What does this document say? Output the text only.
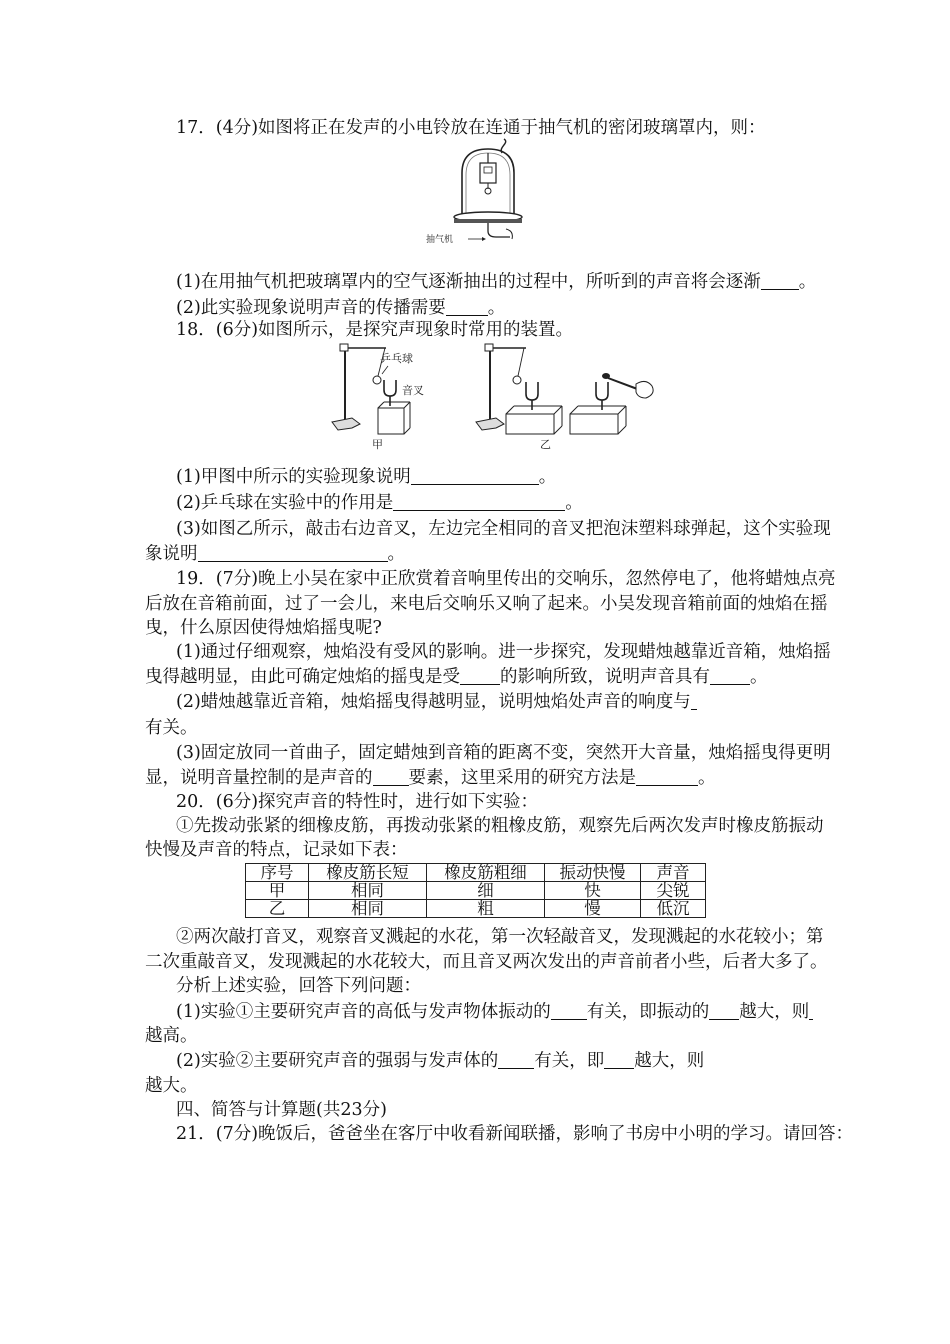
17．(4分)如图将正在发声的小电铃放在连通于抽气机的密闭玻璃罩内，则：
抽气机
(1)在用抽气机把玻璃罩内的空气逐渐抽出的过程中，所听到的声音将会逐渐 。
(2)此实验现象说明声音的传播需要 。
18．(6分)如图所示，是探究声现象时常用的装置。
乒乓球
音叉
甲	乙
(1)甲图中所示的实验现象说明	。
(2)乒乓球在实验中的作用是	。
(3)如图乙所示，敲击右边音叉，左边完全相同的音叉把泡沫塑料球弹起，这个实验现
象说明	。
19．(7分)晚上小吴在家中正欣赏着音响里传出的交响乐，忽然停电了，他将蜡烛点亮
后放在音箱前面，过了一会儿，来电后交响乐又响了起来。小吴发现音箱前面的烛焰在摇
曳，什么原因使得烛焰摇曳呢?
(1)通过仔细观察，烛焰没有受风的影响。进一步探究，发现蜡烛越靠近音箱，烛焰摇
曳得越明显，由此可确定烛焰的摇曳是受 的影响所致，说明声音具有 。
(2)蜡烛越靠近音箱，烛焰摇曳得越明显，说明烛焰处声音的响度与
有关。
(3)固定放同一首曲子，固定蜡烛到音箱的距离不变，突然开大音量，烛焰摇曳得更明
显，说明音量控制的是声音的 要素，这里采用的研究方法是	。
20．(6分)探究声音的特性时，进行如下实验：
①先拨动张紧的细橡皮筋，再拨动张紧的粗橡皮筋，观察先后两次发声时橡皮筋振动
快慢及声音的特点，记录如下表：
序号	橡皮筋长短	橡皮筋粗细	振动快慢	声音
甲	相同	细	快	尖锐
乙	相同	粗	慢	低沉
②两次敲打音叉，观察音叉溅起的水花，第一次轻敲音叉，发现溅起的水花较小；第
二次重敲音叉，发现溅起的水花较大，而且音叉两次发出的声音前者小些，后者大多了。
分析上述实验，回答下列问题：
(1)实验①主要研究声音的高低与发声物体振动的 有关，即振动的 越大，则
越高。
(2)实验②主要研究声音的强弱与发声体的 有关，即 越大，则
越大。
四、简答与计算题(共23分)
21．(7分)晚饭后，爸爸坐在客厅中收看新闻联播，影响了书房中小明的学习。请回答：
